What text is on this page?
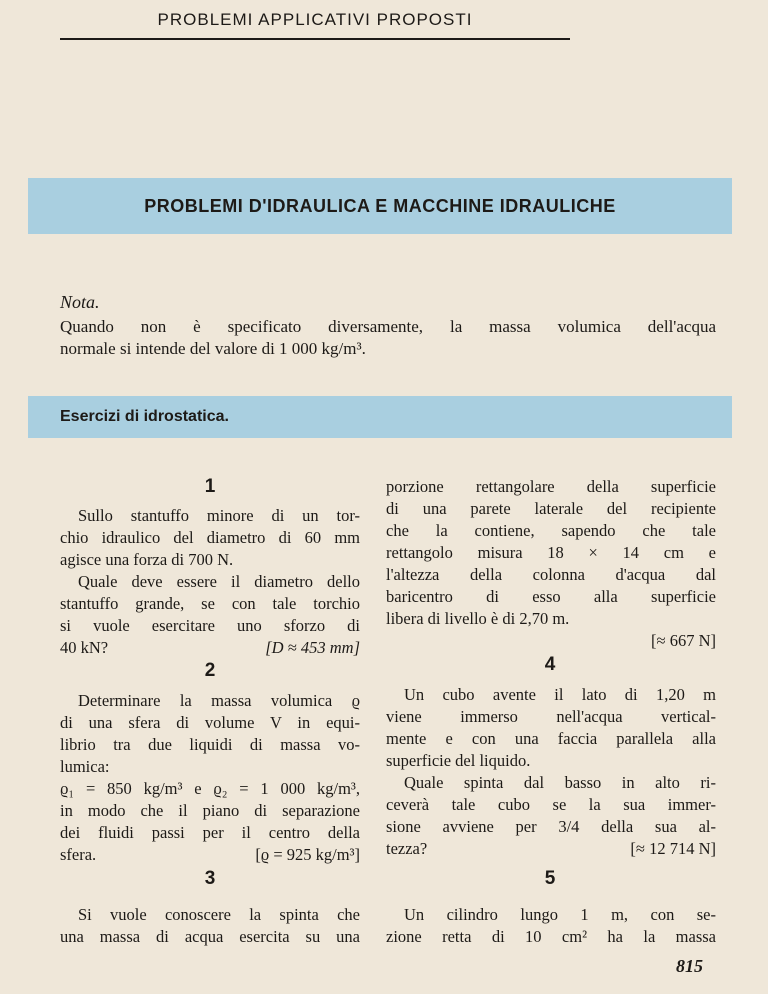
PROBLEMI APPLICATIVI PROPOSTI
PROBLEMI D'IDRAULICA E MACCHINE IDRAULICHE
Nota.
Quando non è specificato diversamente, la massa volumica dell'acqua
normale si intende del valore di 1 000 kg/m³.
Esercizi di idrostatica.
1
Sullo stantuffo minore di un tor-
chio idraulico del diametro di 60 mm
agisce una forza di 700 N.
Quale deve essere il diametro dello
stantuffo grande, se con tale torchio
si vuole esercitare uno sforzo di
40 kN?	[D ≈ 453 mm]
2
Determinare la massa volumica ϱ
di una sfera di volume V in equi-
librio tra due liquidi di massa vo-
lumica:
ϱ₁ = 850 kg/m³ e ϱ₂ = 1 000 kg/m³,
in modo che il piano di separazione
dei fluidi passi per il centro della
sfera.	[ϱ = 925 kg/m³]
3
Si vuole conoscere la spinta che
una massa di acqua esercita su una
porzione rettangolare della superficie
di una parete laterale del recipiente
che la contiene, sapendo che tale
rettangolo misura 18 × 14 cm e
l'altezza della colonna d'acqua dal
baricentro di esso alla superficie
libera di livello è di 2,70 m.
[≈ 667 N]
4
Un cubo avente il lato di 1,20 m
viene immerso nell'acqua vertical-
mente e con una faccia parallela alla
superficie del liquido.
Quale spinta dal basso in alto ri-
ceverà tale cubo se la sua immer-
sione avviene per 3/4 della sua al-
tezza?	[≈ 12 714 N]
5
Un cilindro lungo 1 m, con se-
zione retta di 10 cm² ha la massa
815
